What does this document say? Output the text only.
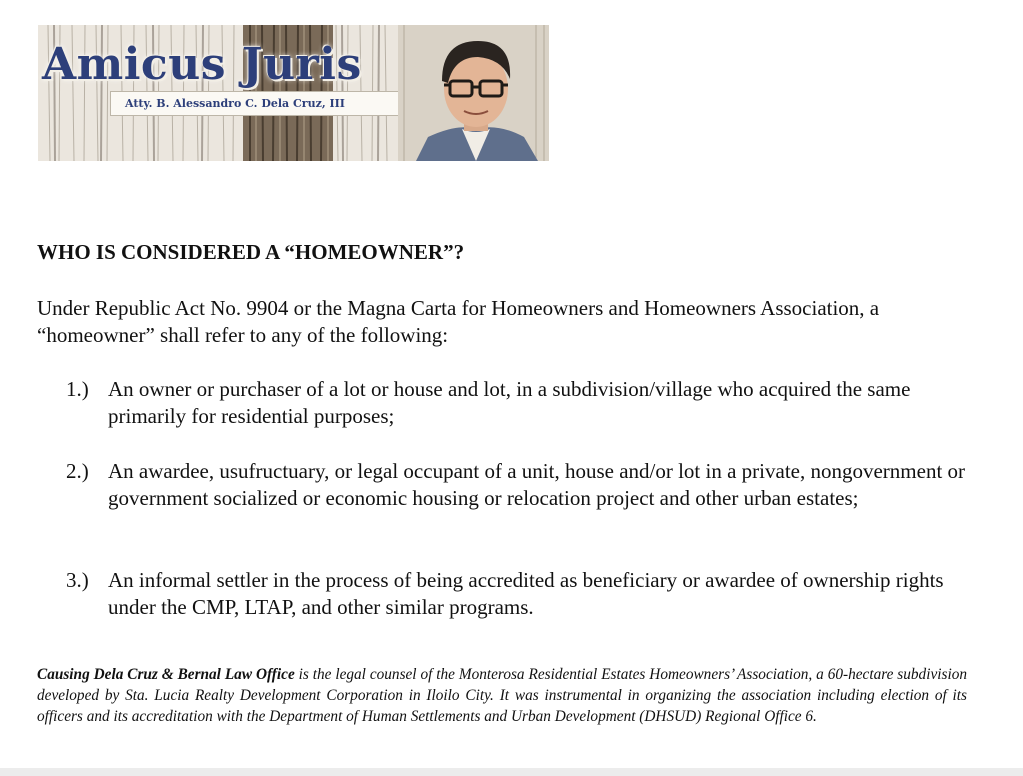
Amicus Juris
Atty. B. Alessandro C. Dela Cruz, III
WHO IS CONSIDERED A “HOMEOWNER”?
Under Republic Act No. 9904 or the Magna Carta for Homeowners and Homeowners Association, a “homeowner” shall refer to any of the following:
1.) An owner or purchaser of a lot or house and lot, in a subdivision/village who acquired the same primarily for residential purposes;
2.) An awardee, usufructuary, or legal occupant of a unit, house and/or lot in a private, nongovernment or government socialized or economic housing or relocation project and other urban estates;
3.) An informal settler in the process of being accredited as beneficiary or awardee of ownership rights under the CMP, LTAP, and other similar programs.
Causing Dela Cruz & Bernal Law Office is the legal counsel of the Monterosa Residential Estates Homeowners’ Association, a 60-hectare subdivision developed by Sta. Lucia Realty Development Corporation in Iloilo City. It was instrumental in organizing the association including election of its officers and its accreditation with the Department of Human Settlements and Urban Development (DHSUD) Regional Office 6.
